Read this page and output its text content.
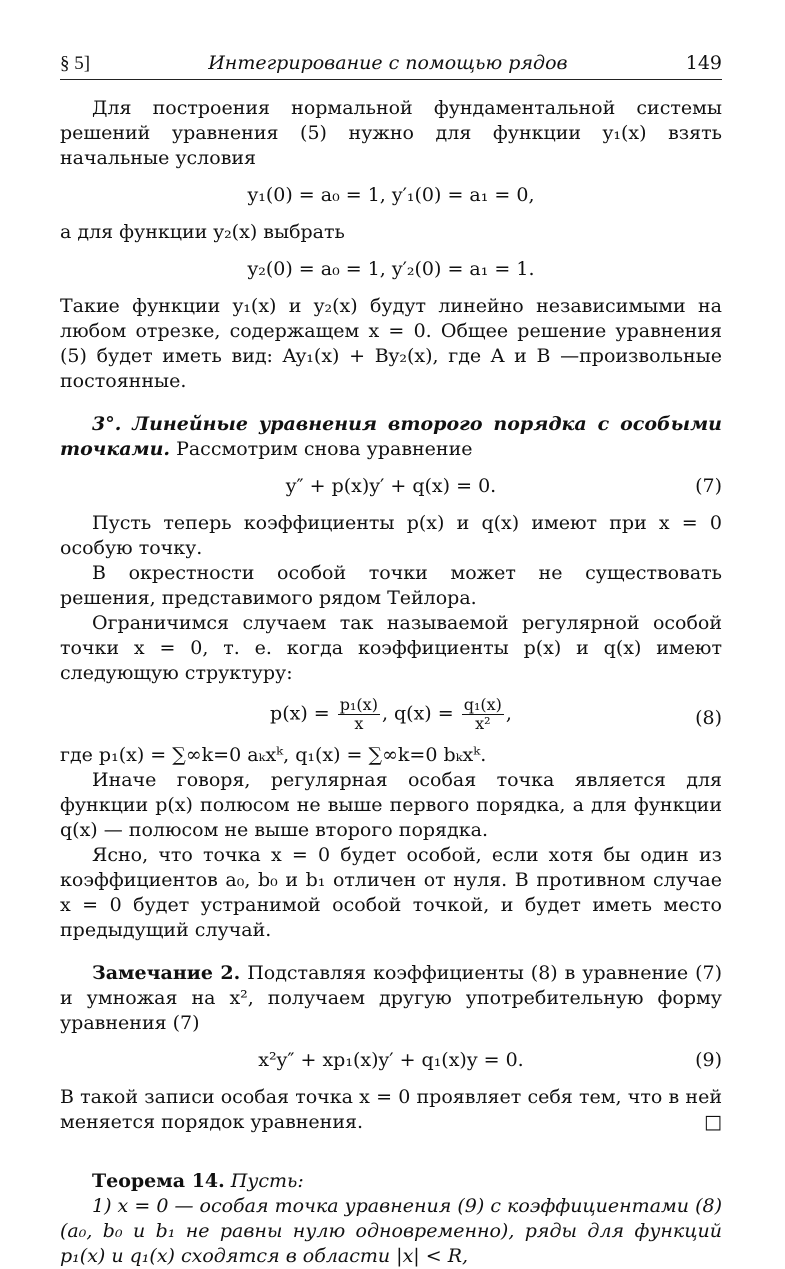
§ 5]	Интегрирование с помощью рядов	149

Для построения нормальной фундаментальной системы решений уравнения (5) нужно для функции y₁(x) взять начальные условия

y₁(0) = a₀ = 1, y′₁(0) = a₁ = 0,

а для функции y₂(x) выбрать

y₂(0) = a₀ = 1, y′₂(0) = a₁ = 1.

Такие функции y₁(x) и y₂(x) будут линейно независимыми на любом отрезке, содержащем x = 0. Общее решение уравнения (5) будет иметь вид: Ay₁(x) + By₂(x), где A и B —произвольные постоянные.

3°. Линейные уравнения второго порядка с особыми точками. Рассмотрим снова уравнение

y″ + p(x)y′ + q(x) = 0.	(7)

Пусть теперь коэффициенты p(x) и q(x) имеют при x = 0 особую точку.

В окрестности особой точки может не существовать решения, представимого рядом Тейлора.

Ограничимся случаем так называемой регулярной особой точки x = 0, т. е. когда коэффициенты p(x) и q(x) имеют следующую структуру:

$p(x) = \frac{\text{p₁(x)}}{x}$ , $q(x) = \frac{\text{q₁(x)}}{\text{x²}}$ ,	(8)

где p₁(x) = ∑∞k=0 aₖxᵏ, q₁(x) = ∑∞k=0 bₖxᵏ.

Иначе говоря, регулярная особая точка является для функции p(x) полюсом не выше первого порядка, а для функции q(x) — полюсом не выше второго порядка.

Ясно, что точка x = 0 будет особой, если хотя бы один из коэффициентов a₀, b₀ и b₁ отличен от нуля. В противном случае x = 0 будет устранимой особой точкой, и будет иметь место предыдущий случай.

Замечание 2. Подставляя коэффициенты (8) в уравнение (7) и умножая на x², получаем другую употребительную форму уравнения (7)

x²y″ + xp₁(x)y′ + q₁(x)y = 0.	(9)

В такой записи особая точка x = 0 проявляет себя тем, что в ней меняется порядок уравнения.	□

Теорема 14. Пусть:

1) x = 0 — особая точка уравнения (9) с коэффициентами (8) (a₀, b₀ и b₁ не равны нулю одновременно), ряды для функций p₁(x) и q₁(x) сходятся в области |x| < R,
